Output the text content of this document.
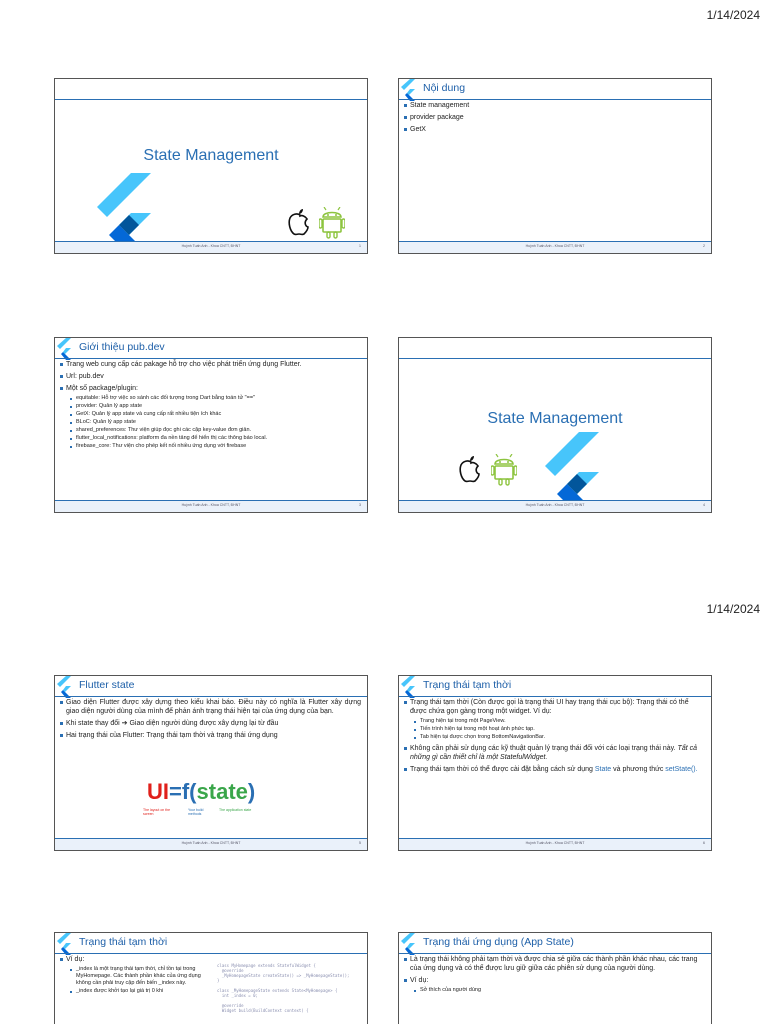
1/14/2024
State Management
Huỳnh Tuấn Anh - Khoa CNTT, ĐHNT	1
Nội dung
State management
provider package
GetX
Huỳnh Tuấn Anh - Khoa CNTT, ĐHNT	2
Giới thiệu pub.dev
Trang web cung cấp các pakage hỗ trợ cho việc phát triển ứng dụng Flutter.
Url: pub.dev
Một số package/plugin:
equitable: Hỗ trợ việc so sánh các đối tượng trong Dart bằng toán tử "=="
provider: Quản lý app state
GetX: Quản lý app state và cung cấp rất nhiều tiện ích khác
BLoC: Quản lý app state
shared_preferences: Thư viện giúp đọc ghi các cặp key-value đơn giản.
flutter_local_notifications: platform đa nền tảng để hiển thị các thông báo local.
firebase_core: Thư viện cho phép kết nối nhiều ứng dụng với firebase
Huỳnh Tuấn Anh - Khoa CNTT, ĐHNT	3
State Management
Huỳnh Tuấn Anh - Khoa CNTT, ĐHNT	4
1/14/2024
Flutter state
Giao diện Flutter được xây dựng theo kiểu khai báo. Điều này có nghĩa là Flutter xây dựng giao diện người dùng của mình để phản ánh trạng thái hiện tại của ứng dụng của bạn.
Khi state thay đổi ➔ Giao diện người dùng được xây dựng lại từ đầu
Hai trạng thái của Flutter: Trạng thái tạm thời và trạng thái ứng dụng
UI=f(state)
The layout on the screen
Your build methods
The application state
Huỳnh Tuấn Anh - Khoa CNTT, ĐHNT	5
Trạng thái tạm thời
Trạng thái tạm thời (Còn được gọi là trạng thái UI hay trạng thái cục bộ): Trạng thái có thể được chứa gọn gàng trong một widget. Ví dụ:
Trang hiện tại trong một PageView.
Tiến trình hiện tại trong một hoạt ảnh phức tạp.
Tab hiện tại được chọn trong BottomNavigationBar.
Không cần phải sử dụng các kỹ thuật quản lý trạng thái đối với các loại trạng thái này. Tất cả những gì cần thiết chỉ là một StatefulWidget.
Trạng thái tạm thời có thể được cài đặt bằng cách sử dụng State và phương thức setState().
Huỳnh Tuấn Anh - Khoa CNTT, ĐHNT	6
Trạng thái tạm thời
Ví dụ:
_index là một trạng thái tạm thời, chỉ tồn tại trong MyHomepage. Các thành phần khác của ứng dụng không cần phải truy cập đến biến _index này.
_index được khởi tạo lại giá trị 0 khi
class MyHomepage extends StatefulWidget {
@override
_MyHomepageState createState() => _MyHomepageState();
}

class _MyHomepageState extends State<MyHomepage> {
int _index = 0;

@override
Widget build(BuildContext context) {
Trạng thái ứng dụng (App State)
Là trạng thái không phải tạm thời và được chia sẻ giữa các thành phần khác nhau, các trang của ứng dụng và có thể được lưu giữ giữa các phiên sử dụng của người dùng.
Ví dụ:
Sở thích của người dùng
